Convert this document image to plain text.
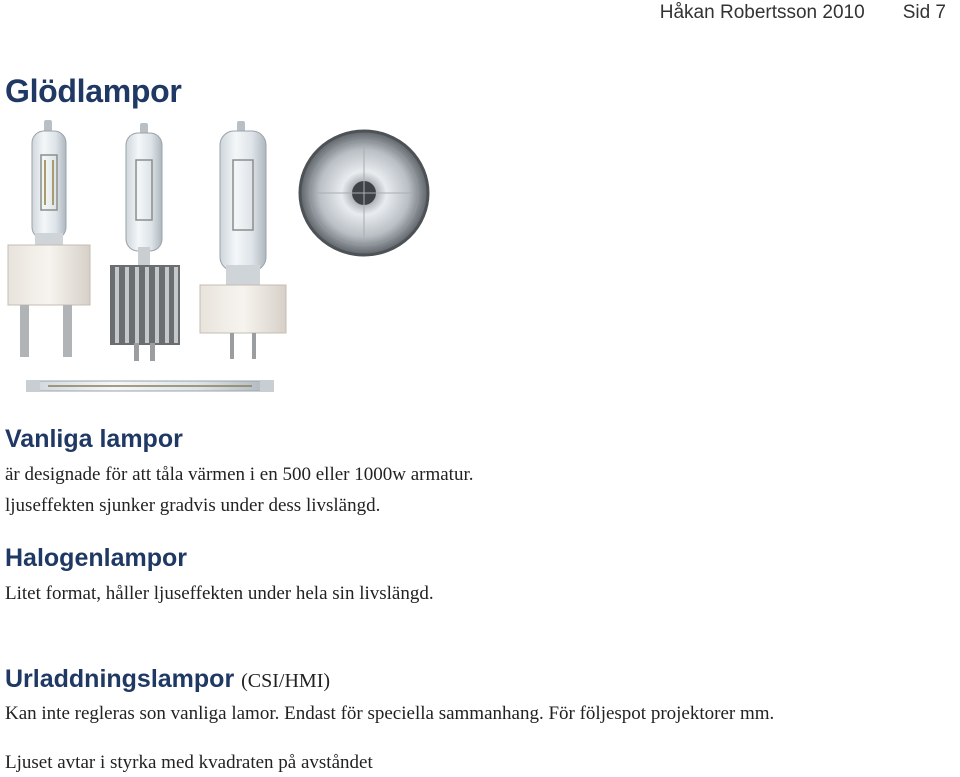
Håkan Robertsson 2010 Sid 7
Glödlampor
Vanliga lampor

är designade för att tåla värmen i en 500 eller 1000w armatur.

ljuseffekten sjunker gradvis under dess livslängd.

Halogenlampor

Litet format, håller ljuseffekten under hela sin livslängd.

Urladdningslampor (CSI/HMI)

Kan inte regleras son vanliga lamor. Endast för speciella sammanhang. För följespot projektorer mm.

Ljuset avtar i styrka med kvadraten på avståndet
